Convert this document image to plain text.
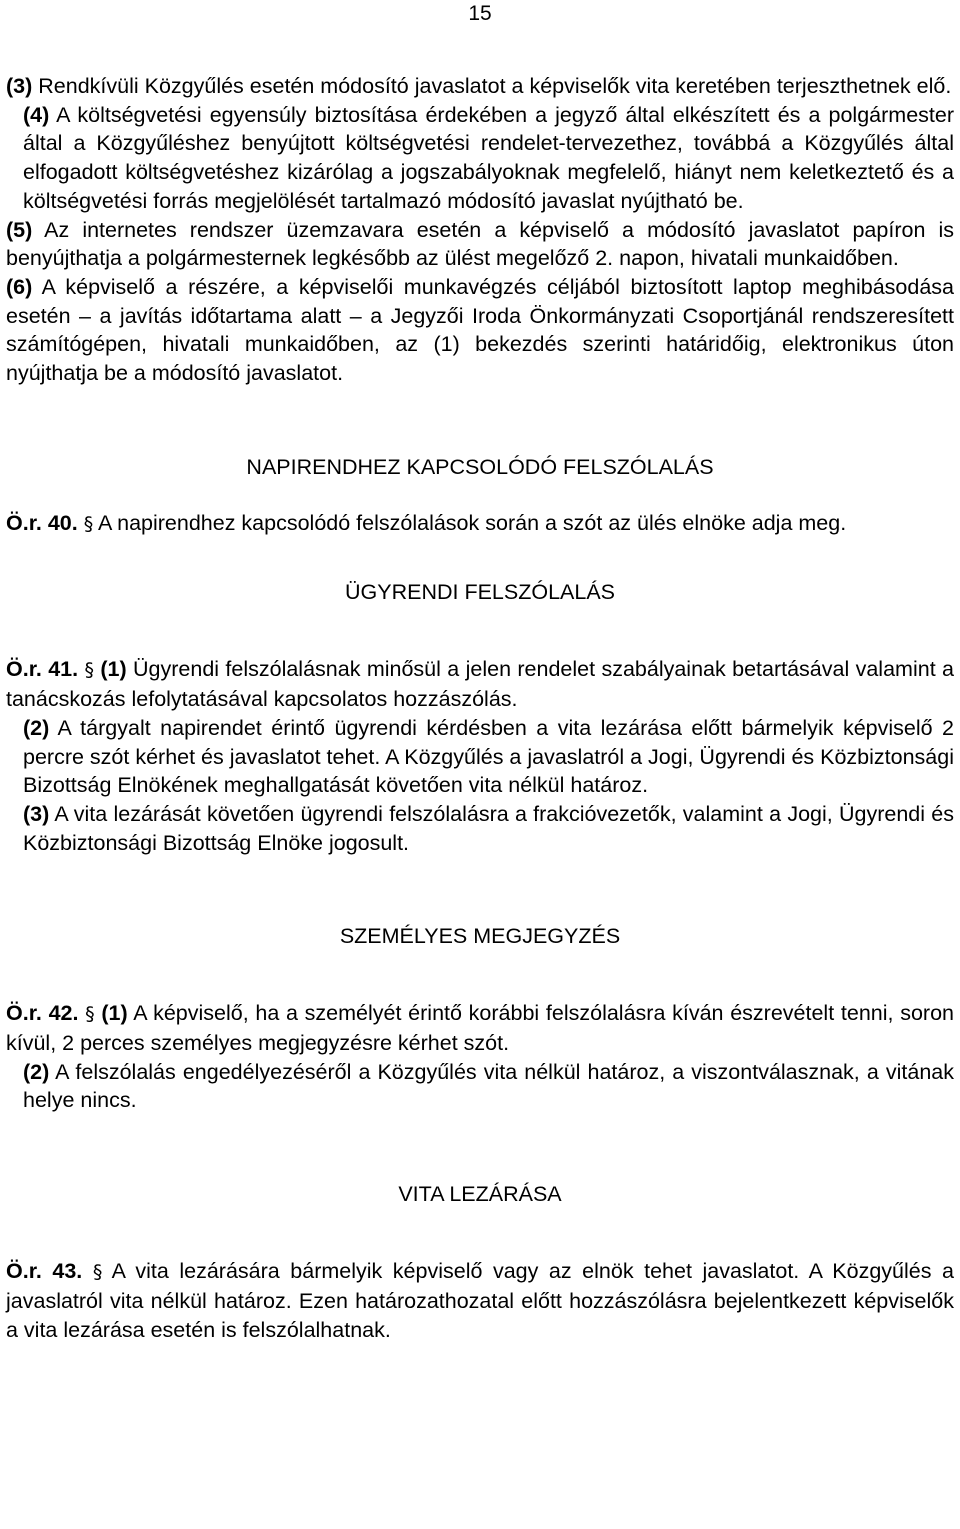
15

(3) Rendkívüli Közgyűlés esetén módosító javaslatot a képviselők vita keretében terjeszthetnek elő.

(4) A költségvetési egyensúly biztosítása érdekében a jegyző által elkészített és a polgármester által a Közgyűléshez benyújtott költségvetési rendelet-tervezethez, továbbá a Közgyűlés által elfogadott költségvetéshez kizárólag a jogszabályoknak megfelelő, hiányt nem keletkeztető és a költségvetési forrás megjelölését tartalmazó módosító javaslat nyújtható be.

(5) Az internetes rendszer üzemzavara esetén a képviselő a módosító javaslatot papíron is benyújthatja a polgármesternek legkésőbb az ülést megelőző 2. napon, hivatali munkaidőben.

(6) A képviselő a részére, a képviselői munkavégzés céljából biztosított laptop meghibásodása esetén – a javítás időtartama alatt – a Jegyzői Iroda Önkormányzati Csoportjánál rendszeresített számítógépen, hivatali munkaidőben, az (1) bekezdés szerinti határidőig, elektronikus úton nyújthatja be a módosító javaslatot.

NAPIRENDHEZ KAPCSOLÓDÓ FELSZÓLALÁS

Ö.r. 40. § A napirendhez kapcsolódó felszólalások során a szót az ülés elnöke adja meg.

ÜGYRENDI FELSZÓLALÁS

Ö.r. 41. § (1) Ügyrendi felszólalásnak minősül a jelen rendelet szabályainak betartásával valamint a tanácskozás lefolytatásával kapcsolatos hozzászólás.

(2) A tárgyalt napirendet érintő ügyrendi kérdésben a vita lezárása előtt bármelyik képviselő 2 percre szót kérhet és javaslatot tehet. A Közgyűlés a javaslatról a Jogi, Ügyrendi és Közbiztonsági Bizottság Elnökének meghallgatását követően vita nélkül határoz.

(3) A vita lezárását követően ügyrendi felszólalásra a frakcióvezetők, valamint a Jogi, Ügyrendi és Közbiztonsági Bizottság Elnöke jogosult.

SZEMÉLYES MEGJEGYZÉS

Ö.r. 42. § (1) A képviselő, ha a személyét érintő korábbi felszólalásra kíván észrevételt tenni, soron kívül, 2 perces személyes megjegyzésre kérhet szót.

(2) A felszólalás engedélyezéséről a Közgyűlés vita nélkül határoz, a viszontválasznak, a vitának helye nincs.

VITA LEZÁRÁSA

Ö.r. 43. § A vita lezárására bármelyik képviselő vagy az elnök tehet javaslatot. A Közgyűlés a javaslatról vita nélkül határoz. Ezen határozathozatal előtt hozzászólásra bejelentkezett képviselők a vita lezárása esetén is felszólalhatnak.
